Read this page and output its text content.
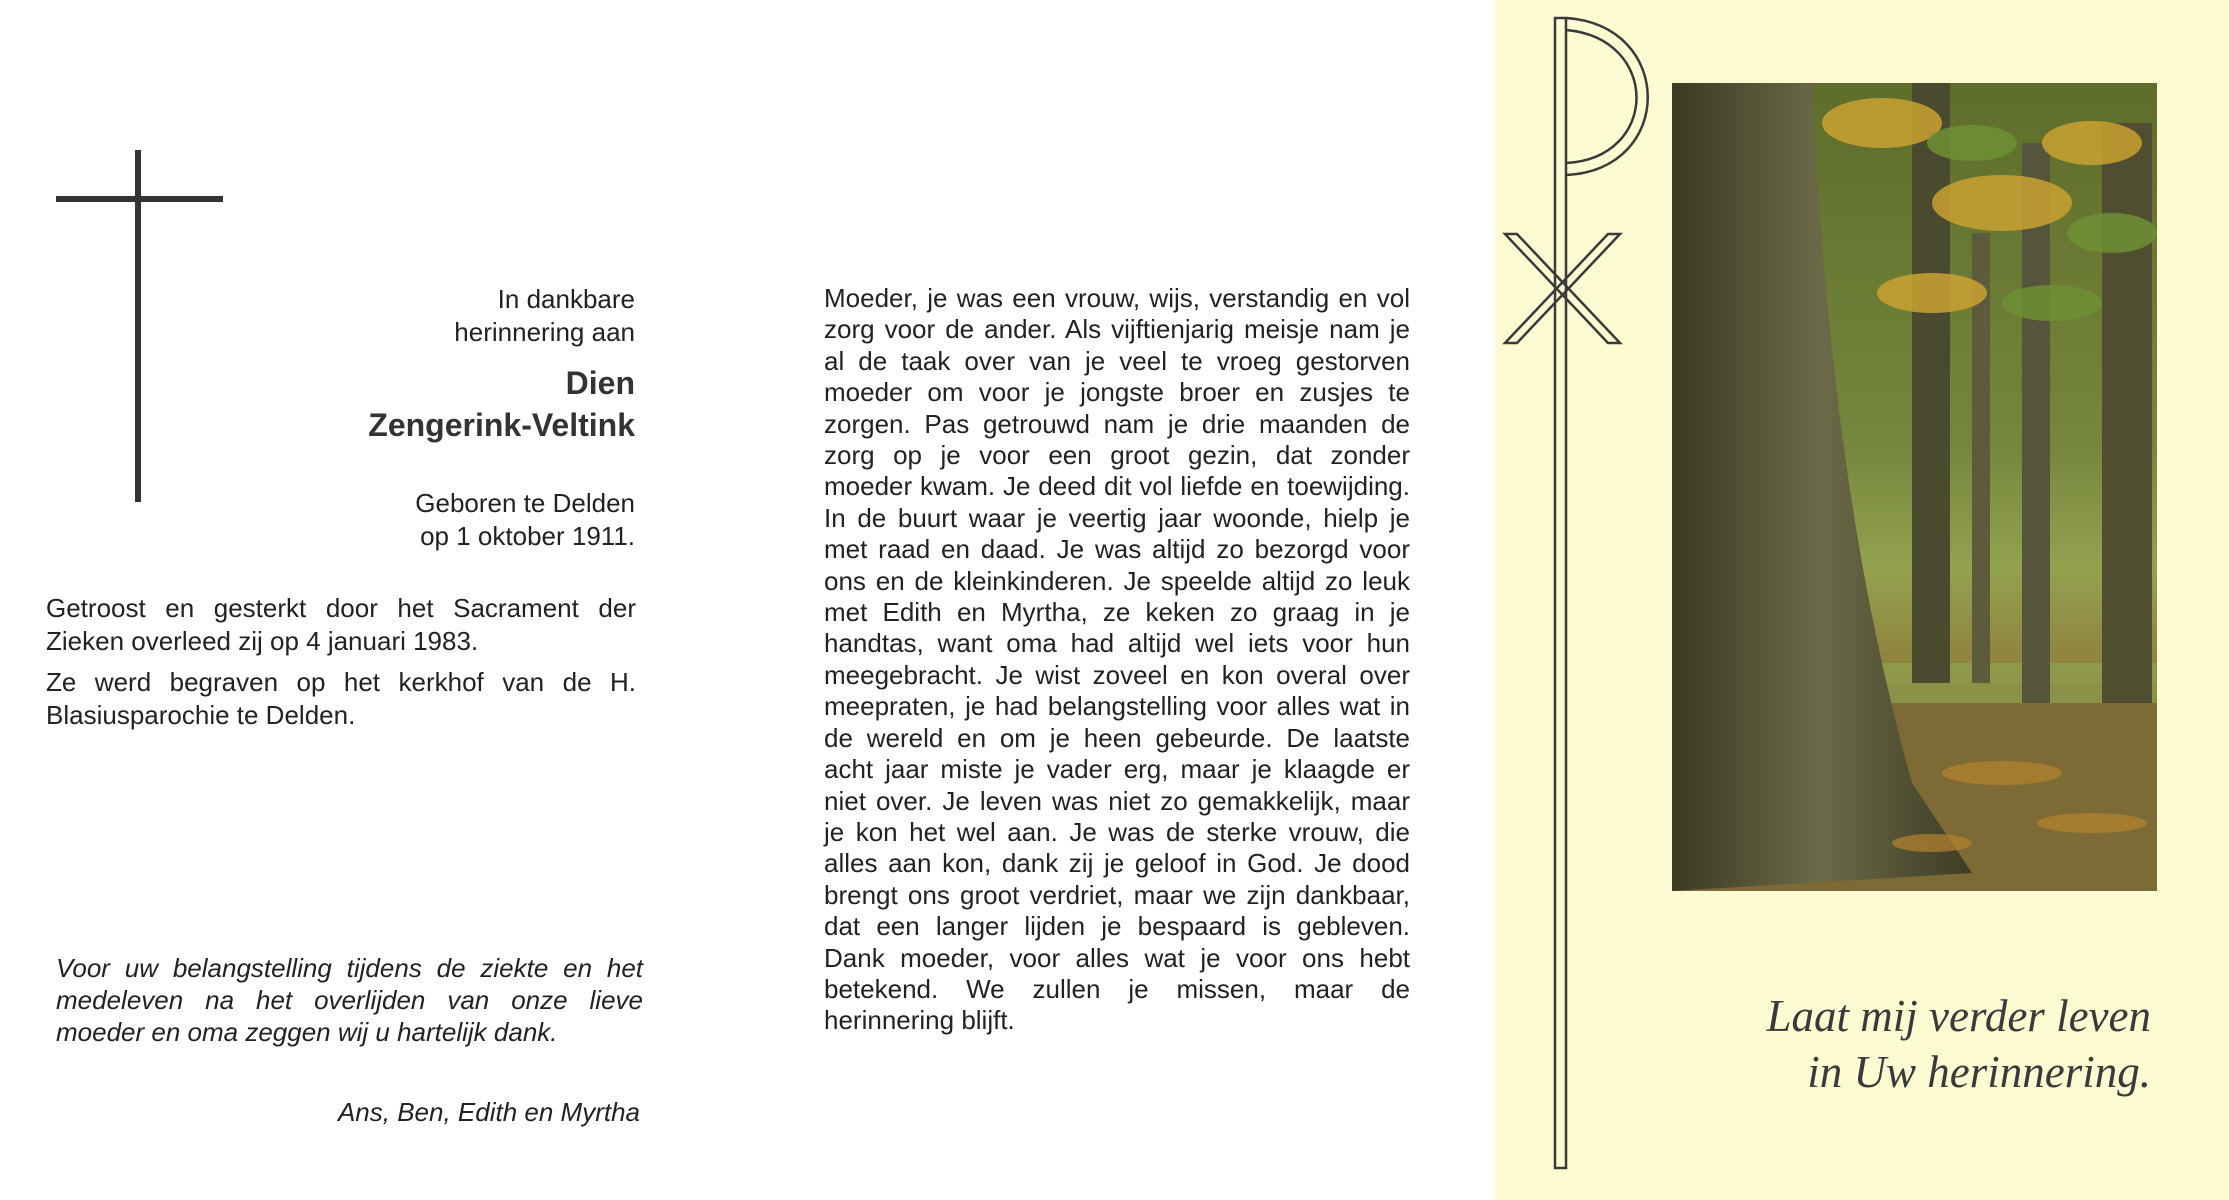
In dankbare
herinnering aan
Dien
Zengerink-Veltink
Geboren te Delden
op 1 oktober 1911.
Getroost en gesterkt door het Sacrament der Zieken overleed zij op 4 januari 1983.
Ze werd begraven op het kerkhof van de H. Blasiusparochie te Delden.
Voor uw belangstelling tijdens de ziekte en het medeleven na het overlijden van onze lieve moeder en oma zeggen wij u hartelijk dank.
Ans, Ben, Edith en Myrtha
Moeder, je was een vrouw, wijs, verstandig en vol zorg voor de ander. Als vijftienjarig meisje nam je al de taak over van je veel te vroeg gestorven moeder om voor je jongste broer en zusjes te zorgen. Pas getrouwd nam je drie maanden de zorg op je voor een groot gezin, dat zonder moeder kwam. Je deed dit vol liefde en toewijding. In de buurt waar je veertig jaar woonde, hielp je met raad en daad. Je was altijd zo bezorgd voor ons en de kleinkinderen. Je speelde altijd zo leuk met Edith en Myrtha, ze keken zo graag in je handtas, want oma had altijd wel iets voor hun meegebracht. Je wist zoveel en kon overal over meepraten, je had belangstelling voor alles wat in de wereld en om je heen gebeurde. De laatste acht jaar miste je vader erg, maar je klaagde er niet over. Je leven was niet zo gemakkelijk, maar je kon het wel aan. Je was de sterke vrouw, die alles aan kon, dank zij je geloof in God. Je dood brengt ons groot verdriet, maar we zijn dankbaar, dat een langer lijden je bespaard is gebleven. Dank moeder, voor alles wat je voor ons hebt betekend. We zullen je missen, maar de herinnering blijft.	Laat mij verder leven
in Uw herinnering.
